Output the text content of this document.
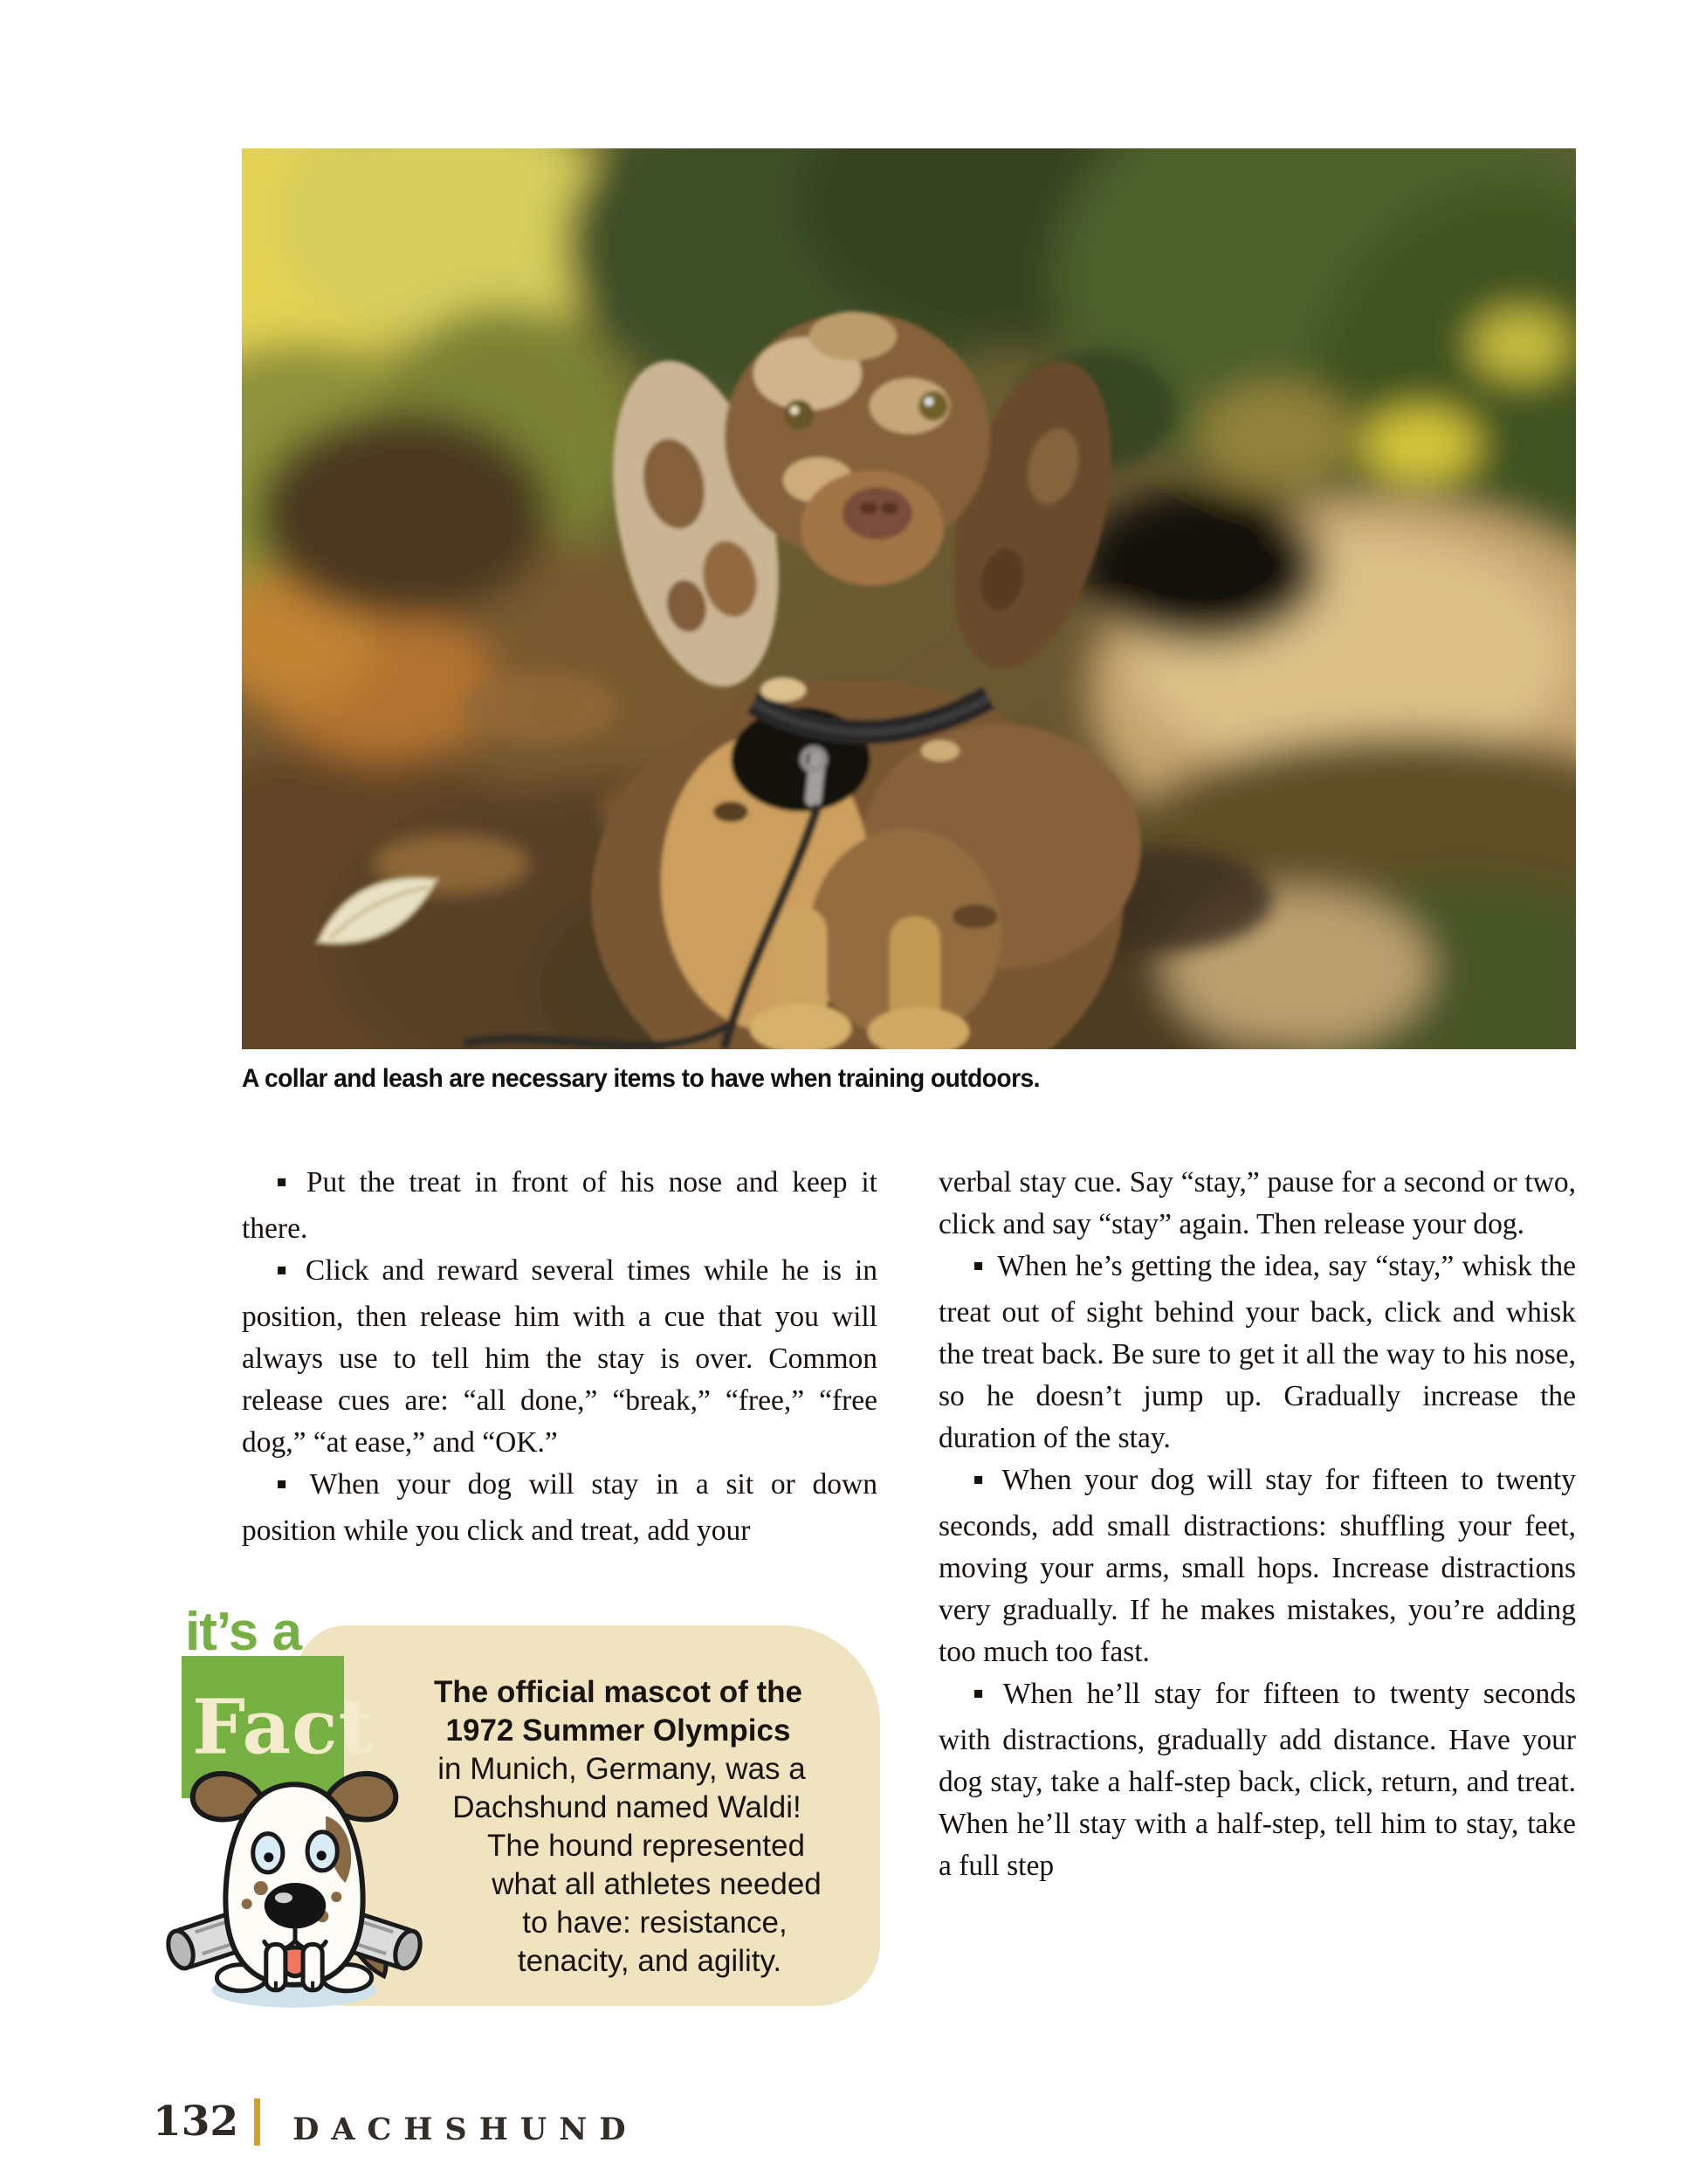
A collar and leash are necessary items to have when training outdoors.

■ Put the treat in front of his nose and keep it there.

■ Click and reward several times while he is in position, then release him with a cue that you will always use to tell him the stay is over. Common release cues are: “all done,” “break,” “free,” “free dog,” “at ease,” and “OK.”

■ When your dog will stay in a sit or down position while you click and treat, add your

verbal stay cue. Say “stay,” pause for a second or two, click and say “stay” again. Then release your dog.

■ When he’s getting the idea, say “stay,” whisk the treat out of sight behind your back, click and whisk the treat back. Be sure to get it all the way to his nose, so he doesn’t jump up. Gradually increase the duration of the stay.

■ When your dog will stay for fifteen to twenty seconds, add small distractions: shuffling your feet, moving your arms, small hops. Increase distractions very gradually. If he makes mistakes, you’re adding too much too fast.

■ When he’ll stay for fifteen to twenty seconds with distractions, gradually add distance. Have your dog stay, take a half-step back, click, return, and treat. When he’ll stay with a half-step, tell him to stay, take a full step

it’s a
Fact	The official mascot of the
1972 Summer Olympics
in Munich, Germany, was a
Dachshund named Waldi!
The hound represented
what all athletes needed
to have: resistance,
tenacity, and agility.
132 DACHSHUND
